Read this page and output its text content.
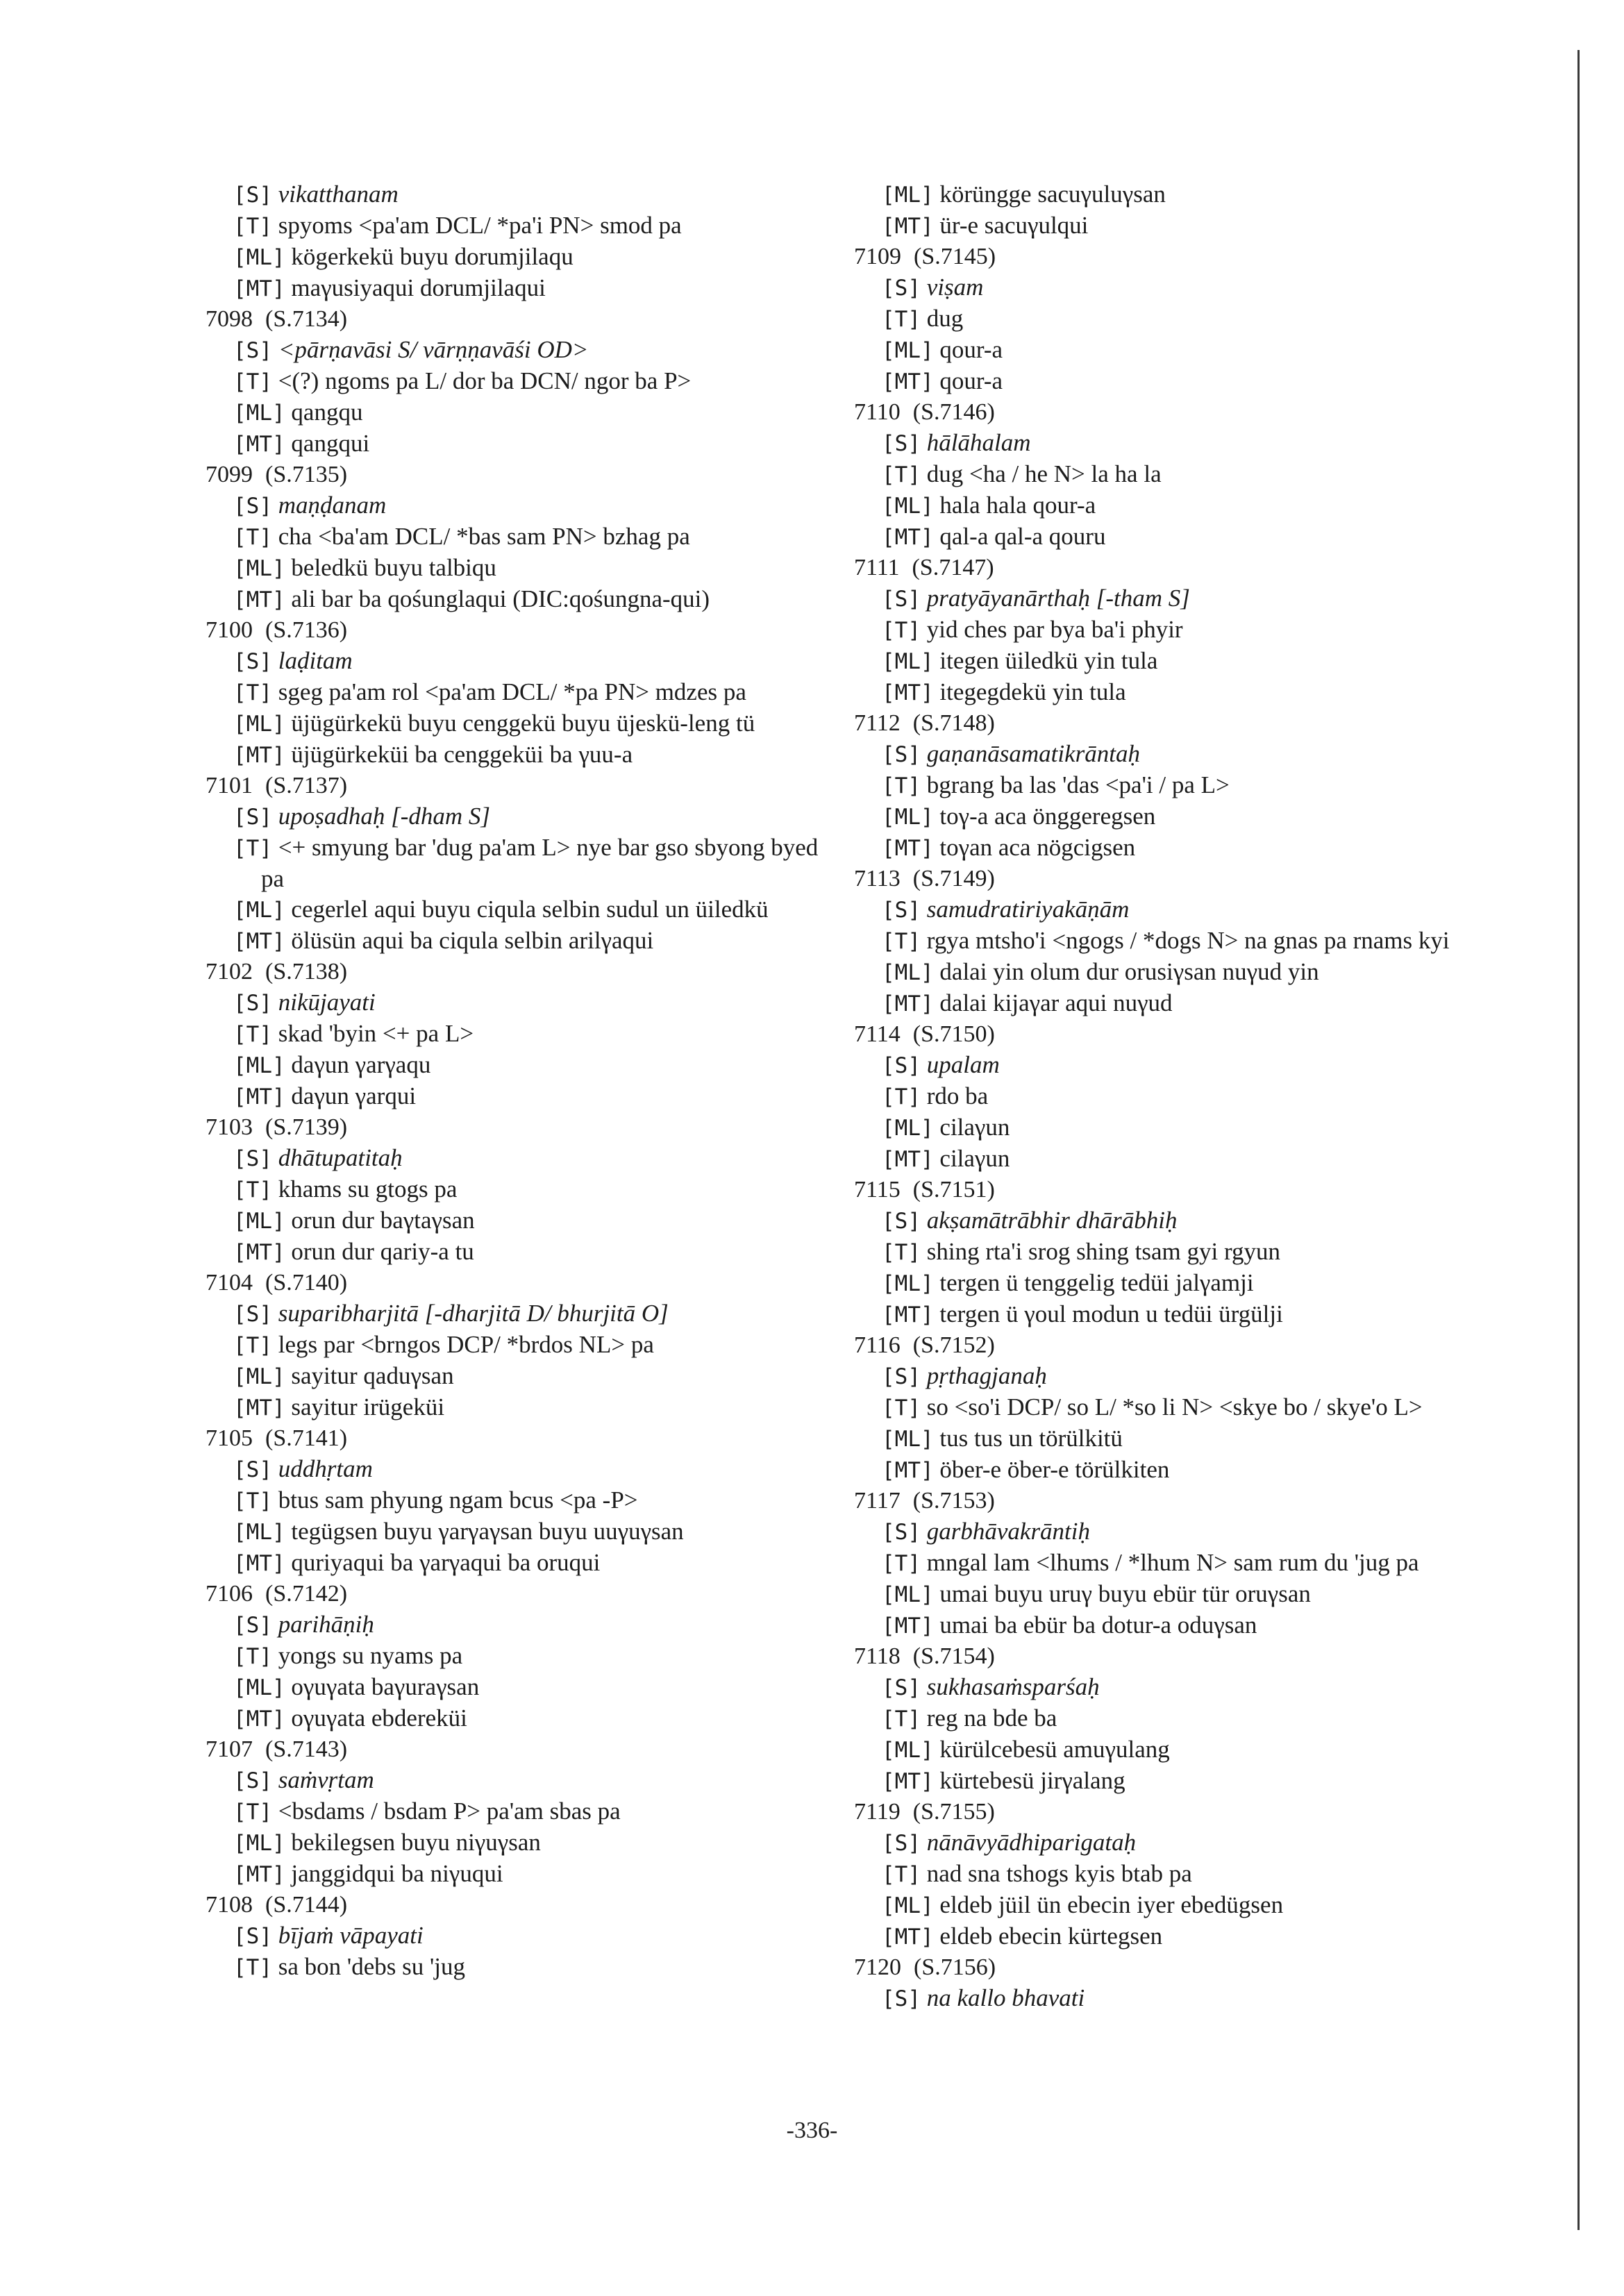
[S] vikatthanam
[T] spyoms <pa'am DCL/ *pa'i PN> smod pa
[ML] kögerkekü buyu dorumjilaqu
[MT] maγusiyaqui dorumjilaqui
7098 (S.7134)
[S] <pārṇavāsi S/ vārṇṇavāśi OD>
[T] <(?) ngoms pa L/ dor ba DCN/ ngor ba P>
[ML] qangqu
[MT] qangqui
7099 (S.7135)
[S] maṇḍanam
[T] cha <ba'am DCL/ *bas sam PN> bzhag pa
[ML] beledkü buyu talbiqu
[MT] ali bar ba qośunglaqui (DIC:qośungna-qui)
7100 (S.7136)
[S] laḍitam
[T] sgeg pa'am rol <pa'am DCL/ *pa PN> mdzes pa
[ML] üjügürkekü buyu cenggekü buyu üjeskü-leng tü
[MT] üjügürkeküi ba cenggeküi ba γuu-a
7101 (S.7137)
[S] upoṣadhaḥ [-dham S]
[T] <+ smyung bar 'dug pa'am L> nye bar gso sbyong byed pa
[ML] cegerlel aqui buyu ciqula selbin sudul un üiledkü
[MT] ölüsün aqui ba ciqula selbin arilγaqui
7102 (S.7138)
[S] nikūjayati
[T] skad 'byin <+ pa L>
[ML] daγun γarγaqu
[MT] daγun γarqui
7103 (S.7139)
[S] dhātupatitaḥ
[T] khams su gtogs pa
[ML] orun dur baγtaγsan
[MT] orun dur qariy-a tu
7104 (S.7140)
[S] suparibharjitā [-dharjitā D/ bhurjitā O]
[T] legs par <brngos DCP/ *brdos NL> pa
[ML] sayitur qaduγsan
[MT] sayitur irügeküi
7105 (S.7141)
[S] uddhṛtam
[T] btus sam phyung ngam bcus <pa -P>
[ML] tegügsen buyu γarγaγsan buyu uuγuγsan
[MT] quriyaqui ba γarγaqui ba oruqui
7106 (S.7142)
[S] parihāṇiḥ
[T] yongs su nyams pa
[ML] oγuγata baγuraγsan
[MT] oγuγata ebdereküi
7107 (S.7143)
[S] saṁvṛtam
[T] <bsdams / bsdam P> pa'am sbas pa
[ML] bekilegsen buyu niγuγsan
[MT] janggidqui ba niγuqui
7108 (S.7144)
[S] bījaṁ vāpayati
[T] sa bon 'debs su 'jug
[ML] körüngge sacuγuluγsan
[MT] ür-e sacuγulqui
7109 (S.7145)
[S] viṣam
[T] dug
[ML] qour-a
[MT] qour-a
7110 (S.7146)
[S] hālāhalam
[T] dug <ha / he N> la ha la
[ML] hala hala qour-a
[MT] qal-a qal-a qouru
7111 (S.7147)
[S] pratyāyanārthaḥ [-tham S]
[T] yid ches par bya ba'i phyir
[ML] itegen üiledkü yin tula
[MT] itegegdekü yin tula
7112 (S.7148)
[S] gaṇanāsamatikrāntaḥ
[T] bgrang ba las 'das <pa'i / pa L>
[ML] toγ-a aca önggeregsen
[MT] toγan aca nögcigsen
7113 (S.7149)
[S] samudratiriyakāṇām
[T] rgya mtsho'i <ngogs / *dogs N> na gnas pa rnams kyi
[ML] dalai yin olum dur orusiγsan nuγud yin
[MT] dalai kijaγar aqui nuγud
7114 (S.7150)
[S] upalam
[T] rdo ba
[ML] cilaγun
[MT] cilaγun
7115 (S.7151)
[S] akṣamātrābhir dhārābhiḥ
[T] shing rta'i srog shing tsam gyi rgyun
[ML] tergen ü tenggelig tedüi jalγamji
[MT] tergen ü γoul modun u tedüi ürgülji
7116 (S.7152)
[S] pṛthagjanaḥ
[T] so <so'i DCP/ so L/ *so li N> <skye bo / skye'o L>
[ML] tus tus un törülkitü
[MT] öber-e öber-e törülkiten
7117 (S.7153)
[S] garbhāvakrāntiḥ
[T] mngal lam <lhums / *lhum N> sam rum du 'jug pa
[ML] umai buyu uruγ buyu ebür tür oruγsan
[MT] umai ba ebür ba dotur-a oduγsan
7118 (S.7154)
[S] sukhasaṁsparśaḥ
[T] reg na bde ba
[ML] kürülcebesü amuγulang
[MT] kürtebesü jirγalang
7119 (S.7155)
[S] nānāvyādhiparigataḥ
[T] nad sna tshogs kyis btab pa
[ML] eldeb jüil ün ebecin iyer ebedügsen
[MT] eldeb ebecin kürtegsen
7120 (S.7156)
[S] na kallo bhavati
-336-
